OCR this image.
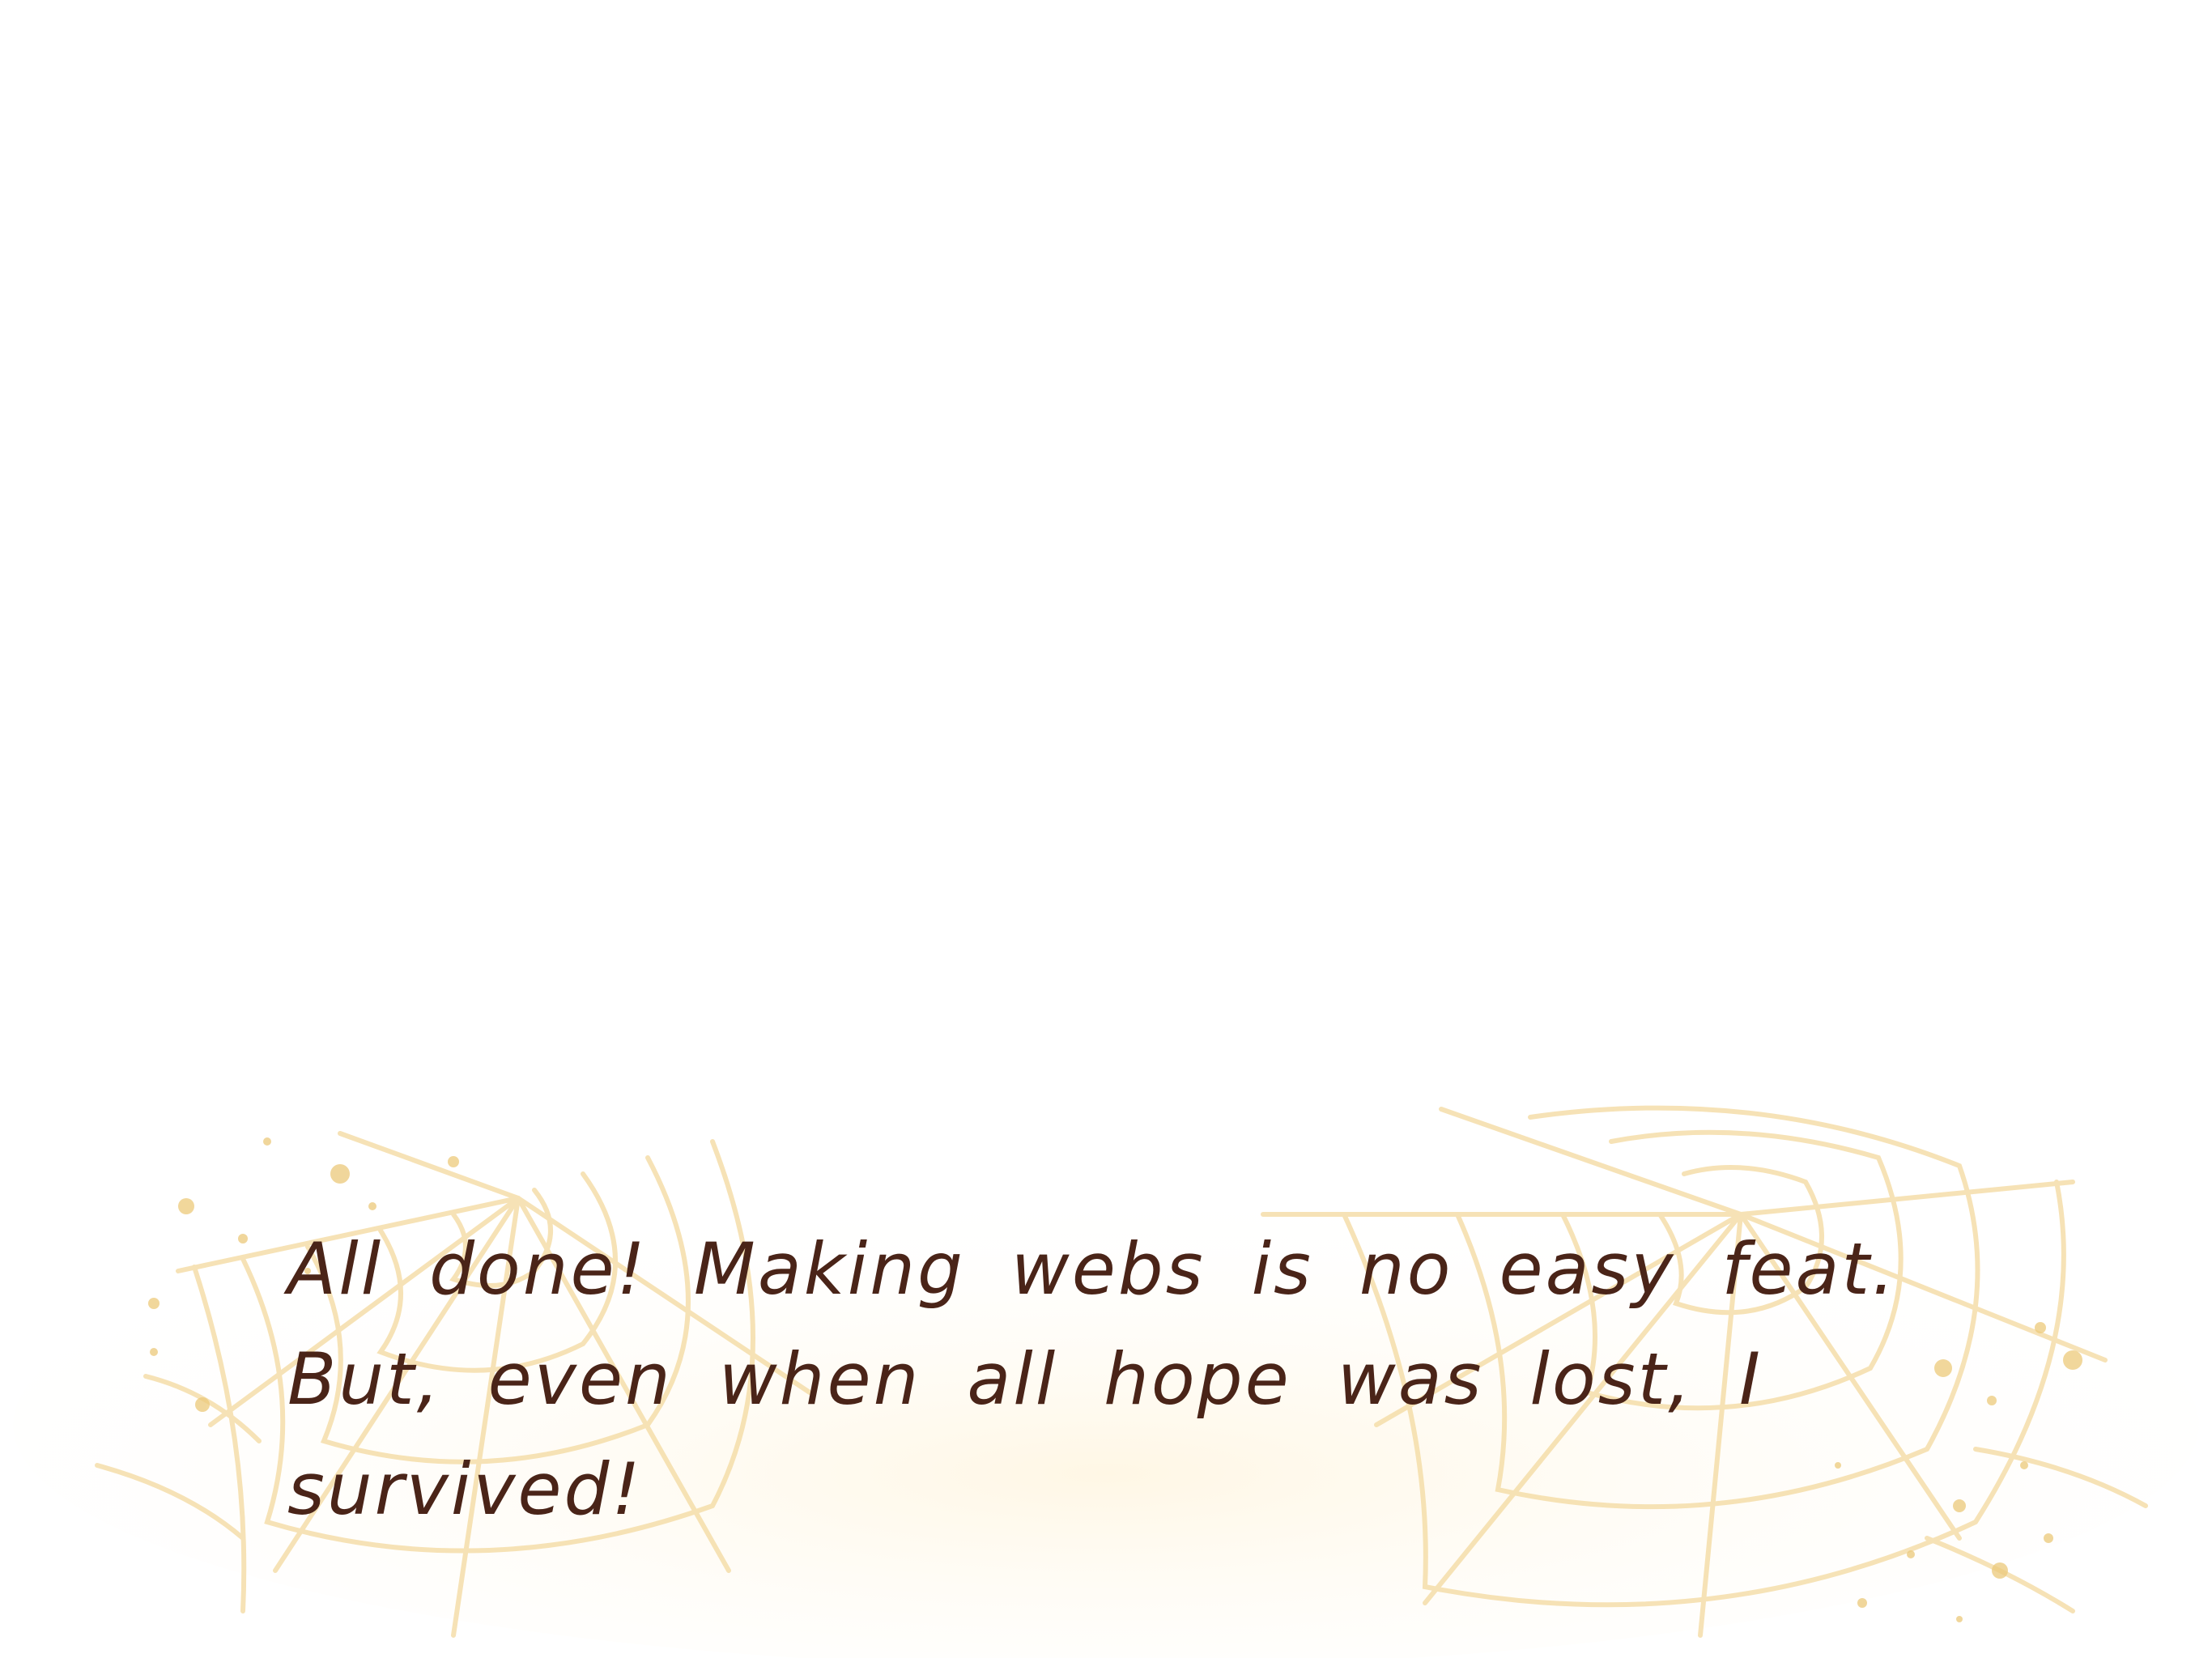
All done! Making webs is no easy feat. But, even when all hope was lost, I survived!
